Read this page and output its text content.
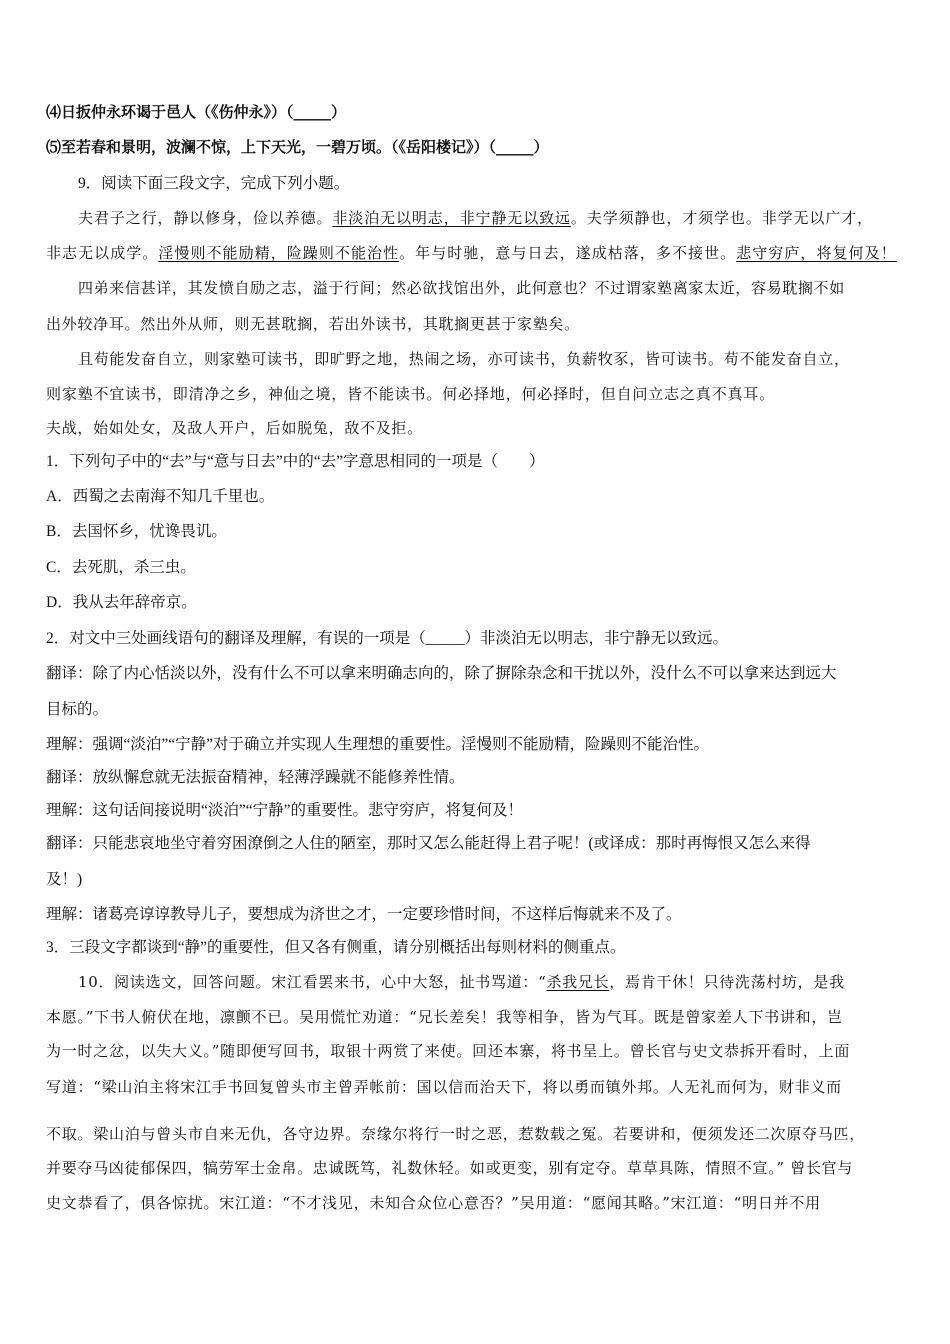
⑷日扳仲永环谒于邑人（《伤仲永》）（_____）
⑸至若春和景明，波澜不惊，上下天光，一碧万顷。（《岳阳楼记》）（_____）
9．阅读下面三段文字，完成下列小题。
夫君子之行，静以修身，俭以养德。非淡泊无以明志，非宁静无以致远。夫学须静也，才须学也。非学无以广才，
非志无以成学。淫慢则不能励精，险躁则不能治性。年与时驰，意与日去，遂成枯落，多不接世。悲守穷庐，将复何及！
四弟来信甚详，其发愤自励之志，溢于行间；然必欲找馆出外，此何意也？不过谓家塾离家太近，容易耽搁不如
出外较净耳。然出外从师，则无甚耽搁，若出外读书，其耽搁更甚于家塾矣。
且苟能发奋自立，则家塾可读书，即旷野之地，热闹之场，亦可读书，负薪牧豕，皆可读书。苟不能发奋自立，
则家塾不宜读书，即清净之乡，神仙之境，皆不能读书。何必择地，何必择时，但自问立志之真不真耳。
夫战，始如处女，及敌人开户，后如脱兔，敌不及拒。
1．下列句子中的“去”与“意与日去”中的“去”字意思相同的一项是（　　）
A．西蜀之去南海不知几千里也。
B．去国怀乡，忧谗畏讥。
C．去死肌，杀三虫。
D．我从去年辞帝京。
2．对文中三处画线语句的翻译及理解，有误的一项是（_____）非淡泊无以明志，非宁静无以致远。
翻译：除了内心恬淡以外，没有什么不可以拿来明确志向的，除了摒除杂念和干扰以外，没什么不可以拿来达到远大
目标的。
理解：强调“淡泊”“宁静”对于确立并实现人生理想的重要性。淫慢则不能励精，险躁则不能治性。
翻译：放纵懈怠就无法振奋精神，轻薄浮躁就不能修养性情。
理解：这句话间接说明“淡泊”“宁静”的重要性。悲守穷庐，将复何及！
翻译：只能悲哀地坐守着穷困潦倒之人住的陋室，那时又怎么能赶得上君子呢！(或译成：那时再悔恨又怎么来得
及！)
理解：诸葛亮谆谆教导儿子，要想成为济世之才，一定要珍惜时间，不这样后悔就来不及了。
3．三段文字都谈到“静”的重要性，但又各有侧重，请分别概括出每则材料的侧重点。
10．阅读选文，回答问题。宋江看罢来书，心中大怒，扯书骂道：“杀我兄长，焉肯干休！只待洗荡村坊，是我
本愿。”下书人俯伏在地，凛颤不已。吴用慌忙劝道：“兄长差矣！我等相争，皆为气耳。既是曾家差人下书讲和，岂
为一时之忿，以失大义。”随即便写回书，取银十两赏了来使。回还本寨，将书呈上。曾长官与史文恭拆开看时，上面
写道：“梁山泊主将宋江手书回复曾头市主曾弄帐前：国以信而治天下，将以勇而镇外邦。人无礼而何为，财非义而
不取。梁山泊与曾头市自来无仇，各守边界。奈缘尔将行一时之恶，惹数载之冤。若要讲和，便须发还二次原夺马匹，
并要夺马凶徒郁保四，犒劳军士金帛。忠诚既笃，礼数休轻。如或更变，别有定夺。草草具陈，情照不宣。” 曾长官与
史文恭看了，俱各惊扰。宋江道：“不才浅见，未知合众位心意否？”吴用道：“愿闻其略。”宋江道：“明日并不用
